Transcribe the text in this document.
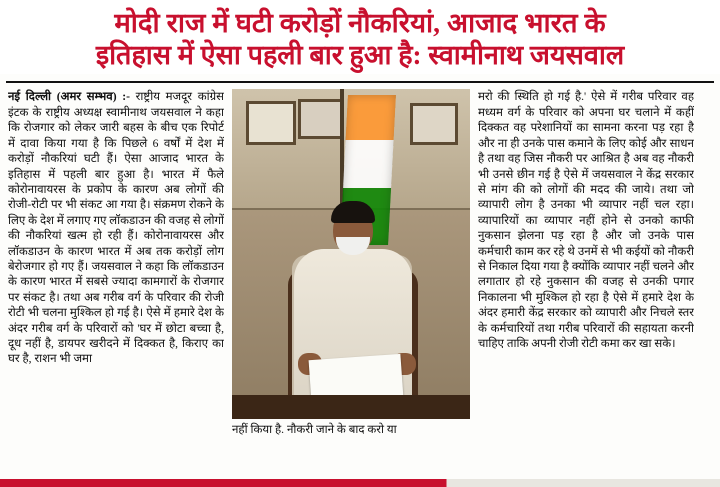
मोदी राज में घटी करोड़ों नौकरियां, आजाद भारत के
इतिहास में ऐसा पहली बार हुआ है: स्वामीनाथ जयसवाल
नई दिल्ली (अमर सम्भव) :- राष्ट्रीय मजदूर कांग्रेस इंटक के राष्ट्रीय अध्यक्ष स्वामीनाथ जयसवाल ने कहा कि रोजगार को लेकर जारी बहस के बीच एक रिपोर्ट में दावा किया गया है कि पिछले 6 वर्षों में देश में करोड़ों नौकरियां घटी हैं। ऐसा आजाद भारत के इतिहास में पहली बार हुआ है। भारत में फैले कोरोनावायरस के प्रकोप के कारण अब लोगों की रोजी-रोटी पर भी संकट आ गया है। संक्रमण रोकने के लिए के देश में लगाए गए लॉकडाउन की वजह से लोगों की नौकरियां खत्म हो रही हैं। कोरोनावायरस और लॉकडाउन के कारण भारत में अब तक करोड़ों लोग बेरोजगार हो गए हैं। जयसवाल ने कहा कि लॉकडाउन के कारण भारत में सबसे ज्यादा कामगारों के रोजगार पर संकट है। तथा अब गरीब वर्ग के परिवार की रोजी रोटी भी चलना मुश्किल हो गई है। ऐसे में हमारे देश के अंदर गरीब वर्ग के परिवारों को 'घर में छोटा बच्चा है, दूध नहीं है, डायपर खरीदने में दिक्कत है, किराए का घर है, राशन भी जमा
नहीं किया है. नौकरी जाने के बाद करो या
मरो की स्थिति हो गई है.' ऐसे में गरीब परिवार वह मध्यम वर्ग के परिवार को अपना घर चलाने में कहीं दिक्कत वह परेशानियों का सामना करना पड़ रहा है और ना ही उनके पास कमाने के लिए कोई और साधन है तथा वह जिस नौकरी पर आश्रित है अब वह नौकरी भी उनसे छीन गई है ऐसे में जयसवाल ने केंद्र सरकार से मांग की को लोगों की मदद की जाये। तथा जो व्यापारी लोग है उनका भी व्यापार नहीं चल रहा। व्यापारियों का व्यापार नहीं होने से उनको काफी नुकसान झेलना पड़ रहा है और जो उनके पास कर्मचारी काम कर रहे थे उनमें से भी कईयों को नौकरी से निकाल दिया गया है क्योंकि व्यापार नहीं चलने और लगातार हो रहे नुकसान की वजह से उनकी पगार निकालना भी मुश्किल हो रहा है ऐसे में हमारे देश के अंदर हमारी केंद्र सरकार को व्यापारी और निचले स्तर के कर्मचारियों तथा गरीब परिवारों की सहायता करनी चाहिए ताकि अपनी रोजी रोटी कमा कर खा सके।
